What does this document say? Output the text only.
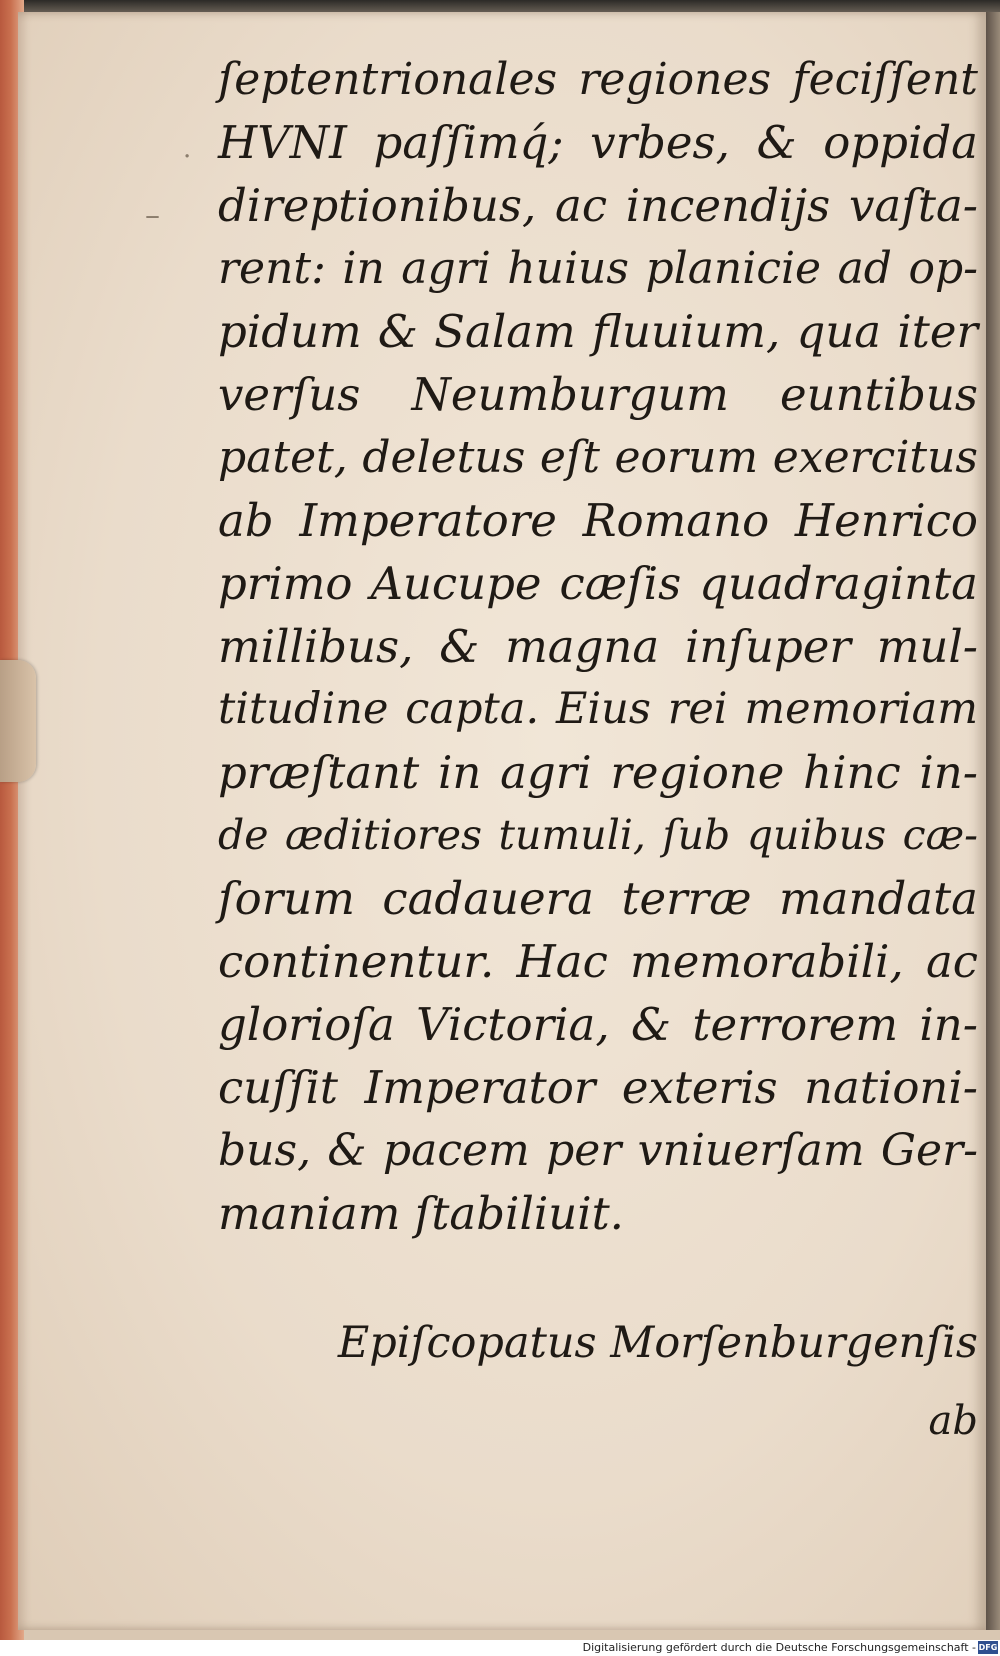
·
–
ſeptentrionales regiones feciſſent
HVNI paſſimq́; vrbes, & oppida
direptionibus, ac incendijs vaſta-
rent: in agri huius planicie ad op-
pidum & Salam fluuium, qua iter
verſus Neumburgum euntibus
patet, deletus eſt eorum exercitus
ab Imperatore Romano Henrico
primo Aucupe cæſis quadraginta
millibus, & magna inſuper mul-
titudine capta. Eius rei memoriam
præſtant in agri regione hinc in-
de æditiores tumuli, ſub quibus cæ-
ſorum cadauera terræ mandata
continentur. Hac memorabili, ac
glorioſa Victoria, & terrorem in-
cuſſit Imperator exteris nationi-
bus, & pacem per vniuerſam Ger-
maniam ſtabiliuit.
Epiſcopatus Morſenburgenſis
ab
Digitalisierung gefördert durch die Deutsche Forschungsgemeinschaft - DFG
